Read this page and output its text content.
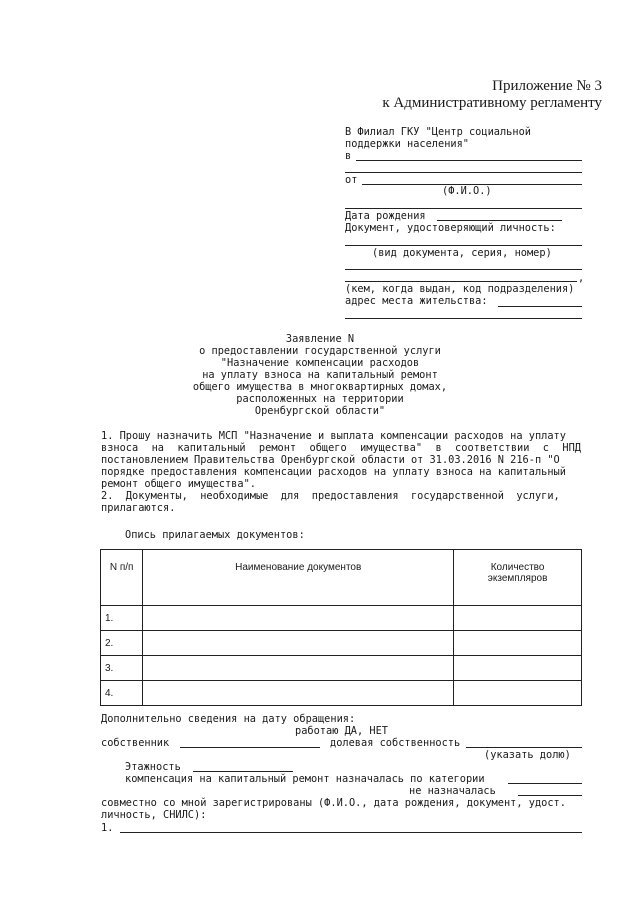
Приложение № 3
к Административному регламенту
В Филиал ГКУ "Центр социальной
поддержки населения"
в
от
(Ф.И.О.)
Дата рождения
Документ, удостоверяющий личность:
(вид документа, серия, номер)
,
(кем, когда выдан, код подразделения)
адрес места жительства:
Заявление N
о предоставлении государственной услуги
"Назначение компенсации расходов
на уплату взноса на капитальный ремонт
общего имущества в многоквартирных домах,
расположенных на территории
Оренбургской области"
1. Прошу назначить МСП "Назначение и выплата компенсации расходов на уплату
взноса на капитальный ремонт общего имущества" в соответствии с НПД
постановлением Правительства Оренбургской области от 31.03.2016 N 216-п "О
порядке предоставления компенсации расходов на уплату взноса на капитальный
ремонт общего имущества".
2.  Документы,  необходимые  для  предоставления  государственной  услуги,
прилагаются.
Опись прилагаемых документов:
N п/п	Наименование документов	Количество
экземпляров

1.		
2.		
3.		
4.		
Дополнительно сведения на дату обращения:
работаю ДА, НЕТ
собственник	долевая собственность
(указать долю)
Этажность
компенсация на капитальный ремонт назначалась по категории
не назначалась
совместно со мной зарегистрированы (Ф.И.О., дата рождения, документ, удост.
личность, СНИЛС):
1.
